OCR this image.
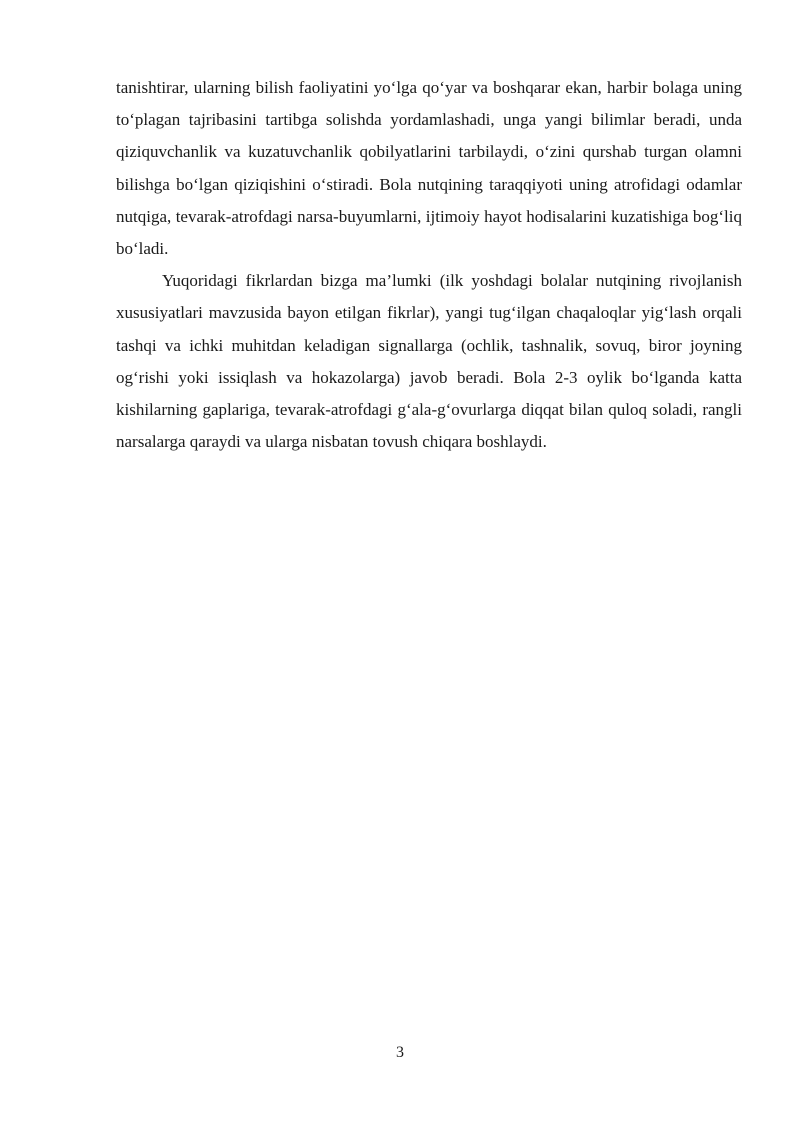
tanishtirar, ularning bilish faoliyatini yo‘lga qo‘yar va boshqarar ekan, harbir bolaga uning to‘plagan tajribasini tartibga solishda yordamlashadi, unga yangi bilimlar beradi, unda qiziquvchanlik va kuzatuvchanlik qobilyatlarini tarbilaydi, o‘zini qurshab turgan olamni bilishga bo‘lgan qiziqishini o‘stiradi. Bola nutqining taraqqiyoti uning atrofidagi odamlar nutqiga, tevarak-atrofdagi narsa-buyumlarni, ijtimoiy hayot hodisalarini kuzatishiga bog‘liq bo‘ladi.

Yuqoridagi fikrlardan bizga ma’lumki (ilk yoshdagi bolalar nutqining rivojlanish xususiyatlari mavzusida bayon etilgan fikrlar), yangi tug‘ilgan chaqaloqlar yig‘lash orqali tashqi va ichki muhitdan keladigan signallarga (ochlik, tashnalik, sovuq, biror joyning og‘rishi yoki issiqlash va hokazolarga) javob beradi. Bola 2-3 oylik bo‘lganda katta kishilarning gaplariga, tevarak-atrofdagi g‘ala-g‘ovurlarga diqqat bilan quloq soladi, rangli narsalarga qaraydi va ularga nisbatan tovush chiqara boshlaydi.

3
